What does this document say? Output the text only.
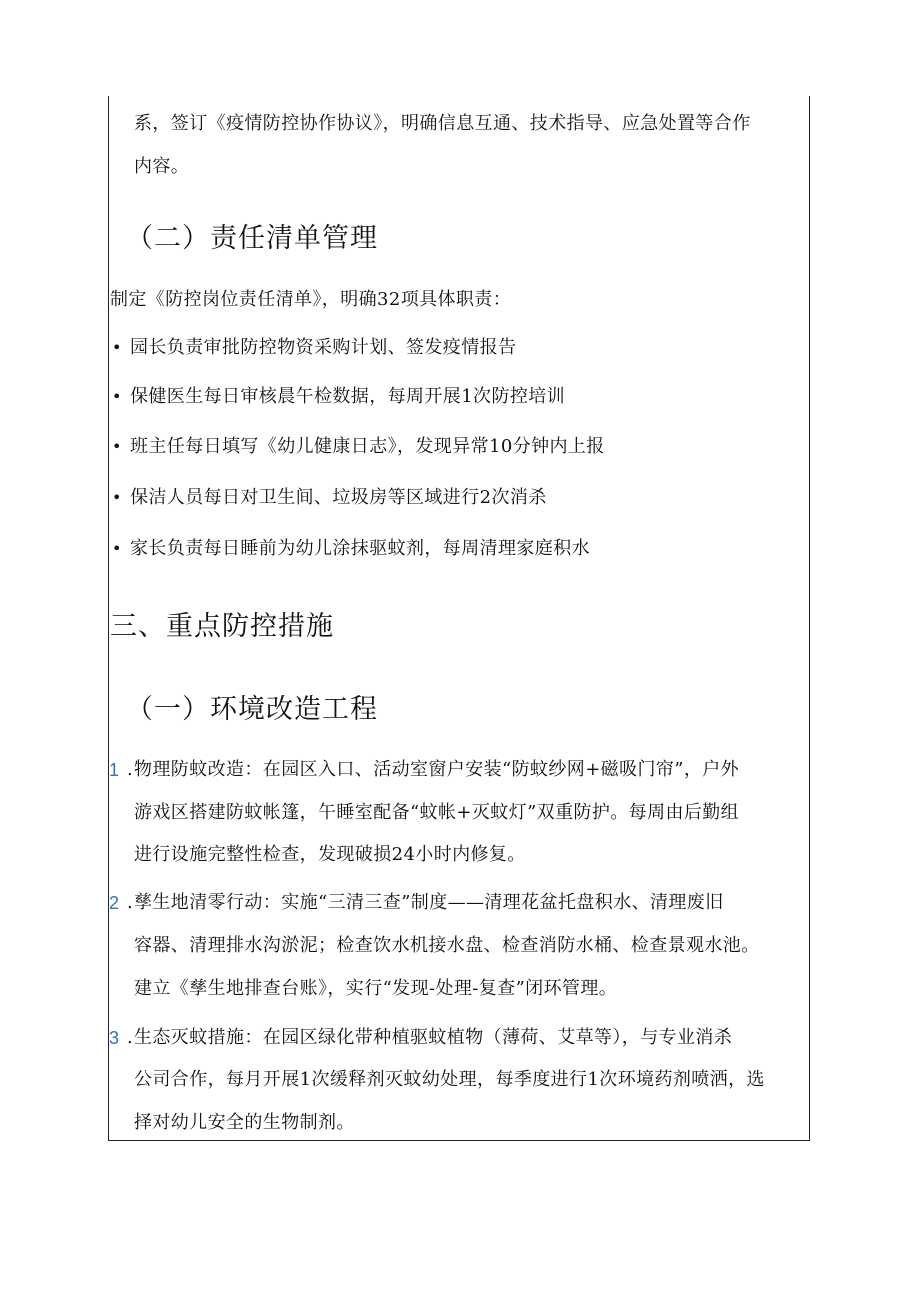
系，签订《疫情防控协作协议》，明确信息互通、技术指导、应急处置等合作
内容。
（二）责任清单管理
制定《防控岗位责任清单》，明确32项具体职责：
• 园长负责审批防控物资采购计划、签发疫情报告
• 保健医生每日审核晨午检数据，每周开展1次防控培训
• 班主任每日填写《幼儿健康日志》，发现异常10分钟内上报
• 保洁人员每日对卫生间、垃圾房等区域进行2次消杀
• 家长负责每日睡前为幼儿涂抹驱蚊剂，每周清理家庭积水
三、重点防控措施
（一）环境改造工程
1 . 物理防蚊改造：在园区入口、活动室窗户安装“防蚊纱网+磁吸门帘”，户外
游戏区搭建防蚊帐篷，午睡室配备“蚊帐+灭蚊灯”双重防护。每周由后勤组
进行设施完整性检查，发现破损24小时内修复。
2 . 孳生地清零行动：实施“三清三查”制度——清理花盆托盘积水、清理废旧
容器、清理排水沟淤泥；检查饮水机接水盘、检查消防水桶、检查景观水池。
建立《孳生地排查台账》，实行“发现-处理-复查”闭环管理。
3 . 生态灭蚊措施：在园区绿化带种植驱蚊植物（薄荷、艾草等），与专业消杀
公司合作，每月开展1次缓释剂灭蚊幼处理，每季度进行1次环境药剂喷洒，选
择对幼儿安全的生物制剂。
